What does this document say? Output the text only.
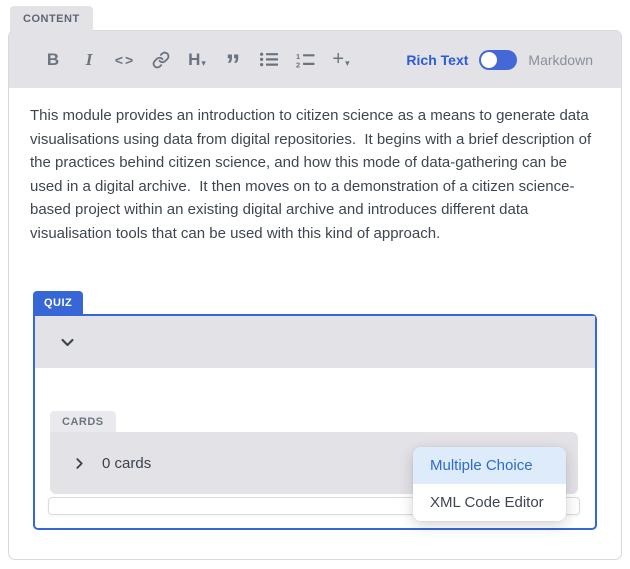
CONTENT
B I <>	H ▾ ”	1
2 + ▾	Rich Text	Markdown
This module provides an introduction to citizen science as a means to generate data visualisations using data from digital repositories.  It begins with a brief description of the practices behind citizen science, and how this mode of data-gathering can be used in a digital archive.  It then moves on to a demonstration of a citizen science-based project within an existing digital archive and introduces different data visualisation tools that can be used with this kind of approach.
QUIZ
CARDS
0 cards	Multiple Choice
XML Code Editor
